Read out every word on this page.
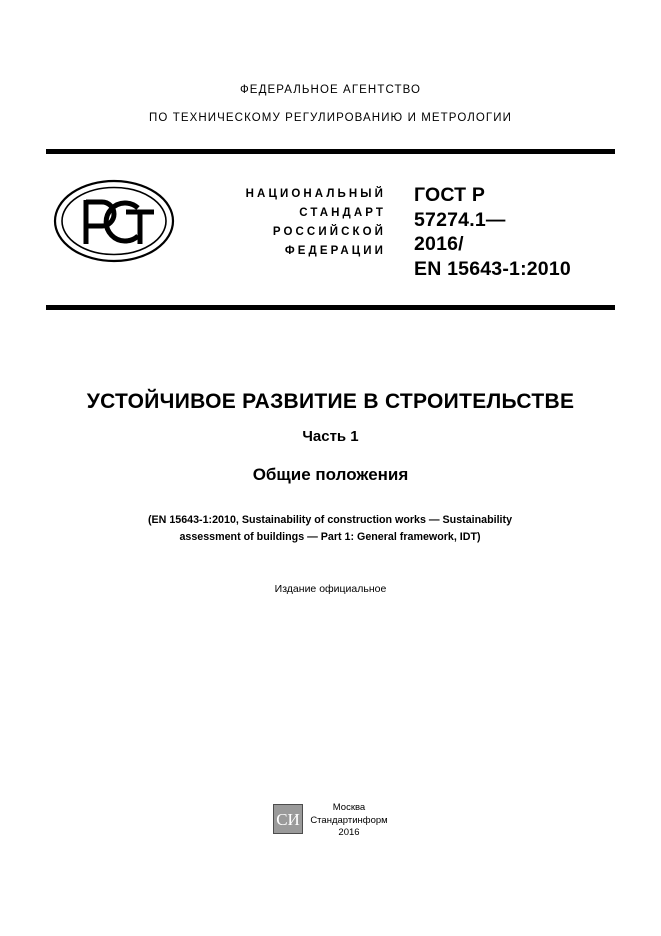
ФЕДЕРАЛЬНОЕ АГЕНТСТВО
ПО ТЕХНИЧЕСКОМУ РЕГУЛИРОВАНИЮ И МЕТРОЛОГИИ
НАЦИОНАЛЬНЫЙ
СТАНДАРТ
РОССИЙСКОЙ
ФЕДЕРАЦИИ
ГОСТ Р
57274.1—
2016/
EN 15643-1:2010
УСТОЙЧИВОЕ РАЗВИТИЕ В СТРОИТЕЛЬСТВЕ
Часть 1
Общие положения
(EN 15643-1:2010, Sustainability of construction works — Sustainability
assessment of buildings — Part 1: General framework, IDT)
Издание официальное
СИ
Москва
Стандартинформ
2016
